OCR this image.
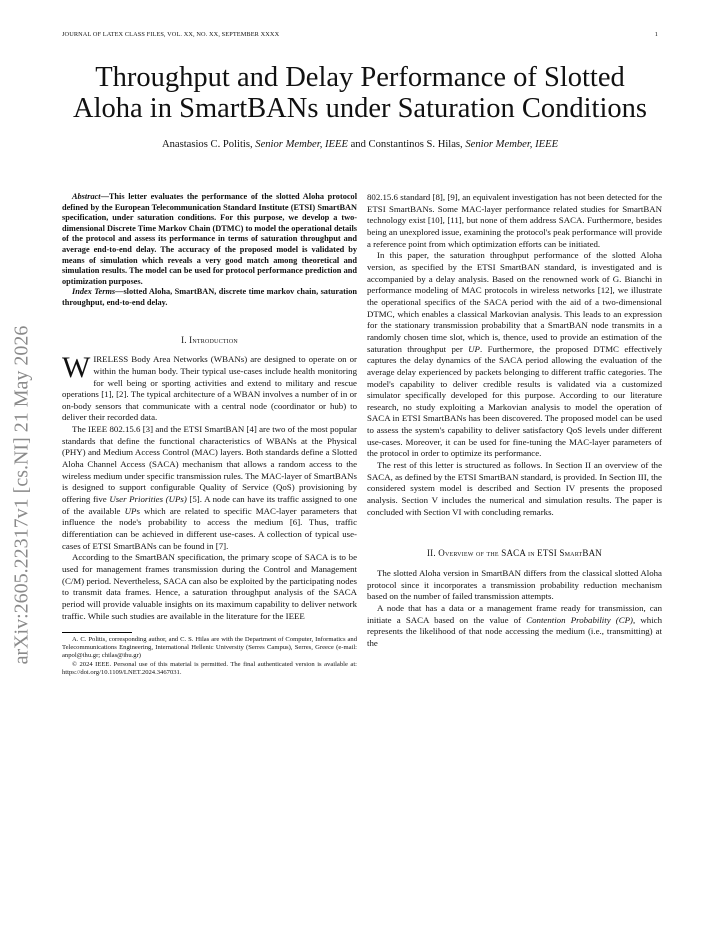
JOURNAL OF LATEX CLASS FILES, VOL. XX, NO. XX, SEPTEMBER XXXX	1
arXiv:2605.22317v1 [cs.NI] 21 May 2026
Throughput and Delay Performance of Slotted
Aloha in SmartBANs under Saturation Conditions
Anastasios C. Politis, Senior Member, IEEE and Constantinos S. Hilas, Senior Member, IEEE

Abstract—This letter evaluates the performance of the slotted Aloha protocol defined by the European Telecommunication Standard Institute (ETSI) SmartBAN specification, under saturation conditions. For this purpose, we develop a two-dimensional Discrete Time Markov Chain (DTMC) to model the operational details of the protocol and assess its performance in terms of saturation throughput and average end-to-end delay. The accuracy of the proposed model is validated by means of simulation which reveals a very good match among theoretical and simulation results. The model can be used for protocol performance prediction and optimization purposes.

Index Terms—slotted Aloha, SmartBAN, discrete time markov chain, saturation throughput, end-to-end delay.

I. Introduction

WIRELESS Body Area Networks (WBANs) are designed to operate on or within the human body. Their typical use-cases include health monitoring for well being or sporting activities and extend to military and rescue operations [1], [2]. The typical architecture of a WBAN involves a number of in or on-body sensors that communicate with a central node (coordinator or hub) to deliver their recorded data.

The IEEE 802.15.6 [3] and the ETSI SmartBAN [4] are two of the most popular standards that define the functional characteristics of WBANs at the Physical (PHY) and Medium Access Control (MAC) layers. Both standards define a Slotted Aloha Channel Access (SACA) mechanism that allows a random access to the wireless medium under specific transmission rules. The MAC-layer of SmartBANs is designed to support configurable Quality of Service (QoS) provisioning by offering five User Priorities (UPs) [5]. A node can have its traffic assigned to one of the available UPs which are related to specific MAC-layer parameters that influence the node's probability to access the medium [6]. Thus, traffic differentiation can be achieved in different use-cases. A collection of typical use-cases of ETSI SmartBANs can be found in [7].

According to the SmartBAN specification, the primary scope of SACA is to be used for management frames transmission during the Control and Management (C/M) period. Nevertheless, SACA can also be exploited by the participating nodes to transmit data frames. Hence, a saturation throughput analysis of the SACA period will provide valuable insights on its maximum capability to deliver network traffic. While such studies are available in the literature for the IEEE

A. C. Politis, corresponding author, and C. S. Hilas are with the Department of Computer, Informatics and Telecommunications Engineering, International Hellenic University (Serres Campus), Serres, Greece (e-mail: anpol@ihu.gr; chilas@ihu.gr)

© 2024 IEEE. Personal use of this material is permitted. The final authenticated version is available at: https://doi.org/10.1109/LNET.2024.3467031.

802.15.6 standard [8], [9], an equivalent investigation has not been detected for the ETSI SmartBANs. Some MAC-layer performance related studies for SmartBAN technology exist [10], [11], but none of them address SACA. Furthermore, besides being an unexplored issue, examining the protocol's peak performance will provide a reference point from which optimization efforts can be initiated.

In this paper, the saturation throughput performance of the slotted Aloha version, as specified by the ETSI SmartBAN standard, is investigated and is accompanied by a delay analysis. Based on the renowned work of G. Bianchi in performance modeling of MAC protocols in wireless networks [12], we illustrate the operational specifics of the SACA period with the aid of a two-dimensional DTMC, which enables a classical Markovian analysis. This leads to an expression for the stationary transmission probability that a SmartBAN node transmits in a randomly chosen time slot, which is, thence, used to provide an estimation of the saturation throughput per UP. Furthermore, the proposed DTMC effectively captures the delay dynamics of the SACA period allowing the evaluation of the average delay experienced by packets belonging to different traffic categories. The model's capability to deliver credible results is validated via a customized simulator specifically developed for this purpose. According to our literature research, no study exploiting a Markovian analysis to model the operation of SACA in ETSI SmartBANs has been discovered. The proposed model can be used to assess the system's capability to deliver satisfactory QoS levels under different use-cases. Moreover, it can be used for fine-tuning the MAC-layer parameters of the protocol in order to optimize its performance.

The rest of this letter is structured as follows. In Section II an overview of the SACA, as defined by the ETSI SmartBAN standard, is provided. In Section III, the considered system model is described and Section IV presents the proposed analysis. Section V includes the numerical and simulation results. The paper is concluded with Section VI with concluding remarks.

II. Overview of the SACA in ETSI SmartBAN

The slotted Aloha version in SmartBAN differs from the classical slotted Aloha protocol since it incorporates a transmission probability reduction mechanism based on the number of failed transmission attempts.

A node that has a data or a management frame ready for transmission, can initiate a SACA based on the value of Contention Probability (CP), which represents the likelihood of that node accessing the medium (i.e., transmitting) at the
